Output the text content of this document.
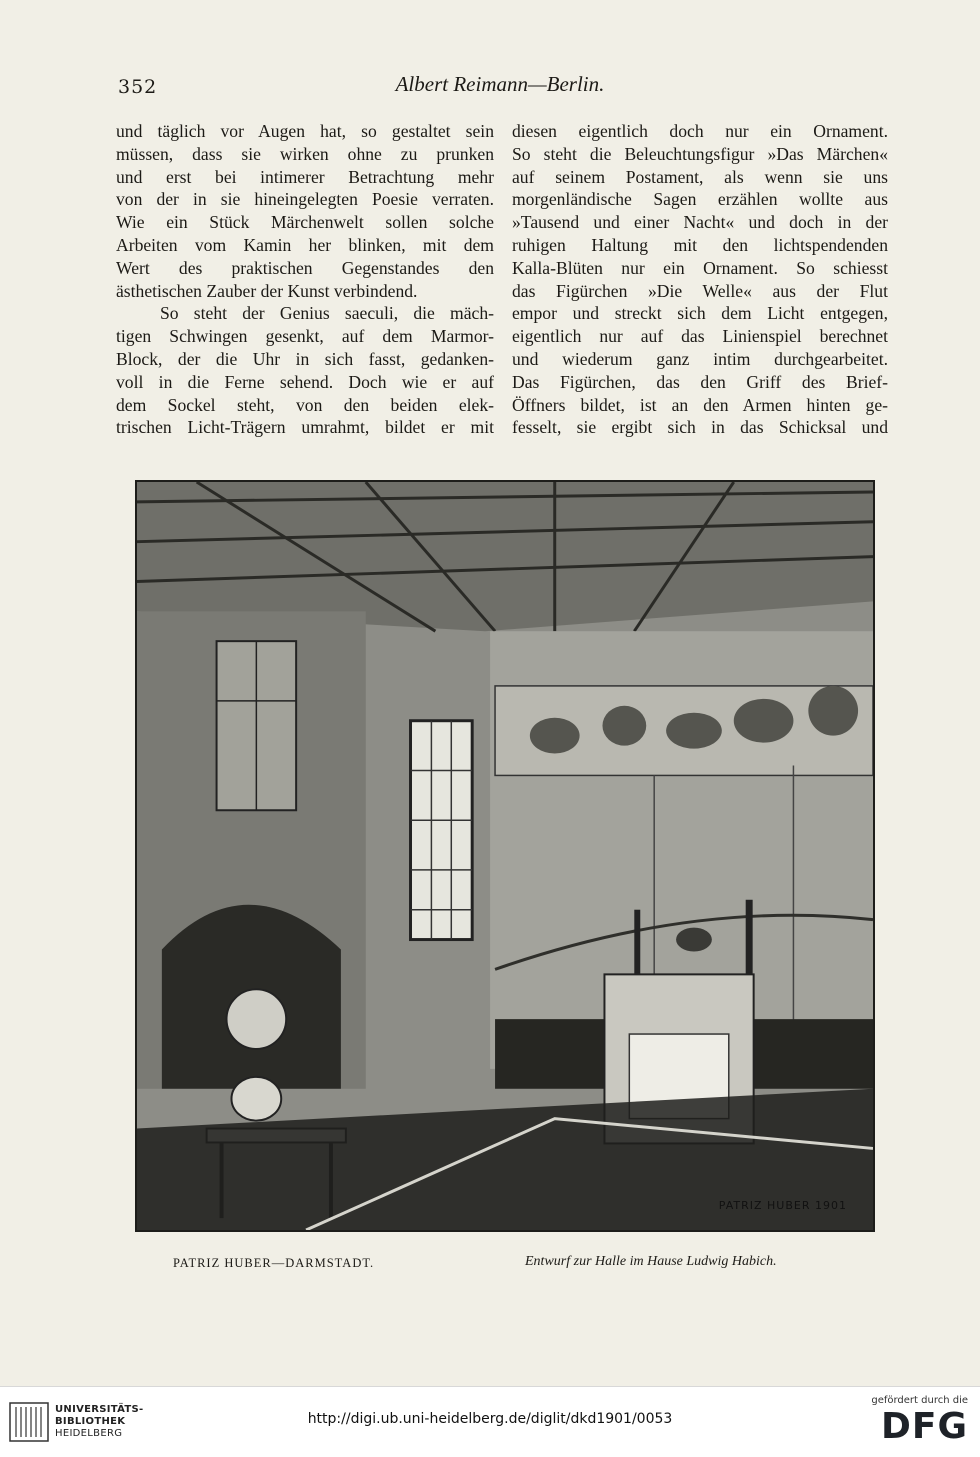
352	Albert Reimann—Berlin.
und täglich vor Augen hat, so gestaltet sein
müssen, dass sie wirken ohne zu prunken
und erst bei intimerer Betrachtung mehr
von der in sie hineingelegten Poesie verraten.
Wie ein Stück Märchenwelt sollen solche
Arbeiten vom Kamin her blinken, mit dem
Wert des praktischen Gegenstandes den
ästhetischen Zauber der Kunst verbindend.
So steht der Genius saeculi, die mäch-
tigen Schwingen gesenkt, auf dem Marmor-
Block, der die Uhr in sich fasst, gedanken-
voll in die Ferne sehend. Doch wie er auf
dem Sockel steht, von den beiden elek-
trischen Licht-Trägern umrahmt, bildet er mit
diesen eigentlich doch nur ein Ornament.
So steht die Beleuchtungsfigur »Das Märchen«
auf seinem Postament, als wenn sie uns
morgenländische Sagen erzählen wollte aus
»Tausend und einer Nacht« und doch in der
ruhigen Haltung mit den lichtspendenden
Kalla-Blüten nur ein Ornament. So schiesst
das Figürchen »Die Welle« aus der Flut
empor und streckt sich dem Licht entgegen,
eigentlich nur auf das Linienspiel berechnet
und wiederum ganz intim durchgearbeitet.
Das Figürchen, das den Griff des Brief-
Öffners bildet, ist an den Armen hinten ge-
fesselt, sie ergibt sich in das Schicksal und
PATRIZ HUBER 1901
PATRIZ HUBER—DARMSTADT.	Entwurf zur Halle im Hause Ludwig Habich.
UNIVERSITÄTS-
BIBLIOTHEK
HEIDELBERG
http://digi.ub.uni-heidelberg.de/diglit/dkd1901/0053
gefördert durch die
DFG
